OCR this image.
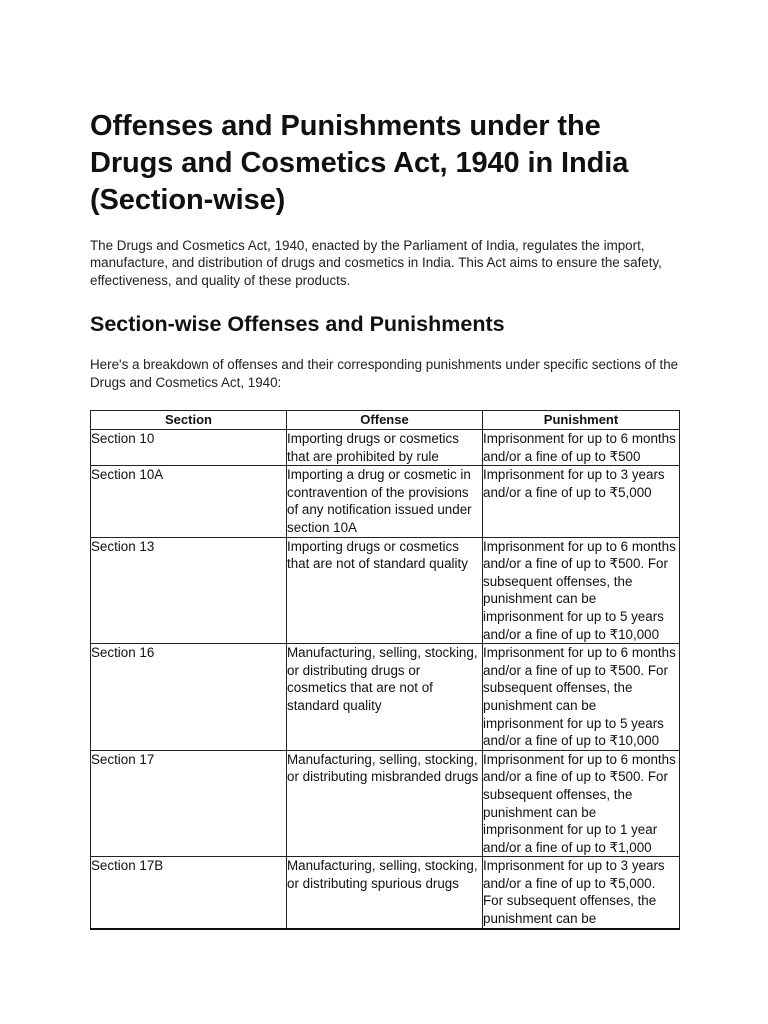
Offenses and Punishments under the Drugs and Cosmetics Act, 1940 in India (Section-wise)

The Drugs and Cosmetics Act, 1940, enacted by the Parliament of India, regulates the import, manufacture, and distribution of drugs and cosmetics in India. This Act aims to ensure the safety, effectiveness, and quality of these products.

Section-wise Offenses and Punishments

Here's a breakdown of offenses and their corresponding punishments under specific sections of the Drugs and Cosmetics Act, 1940:

Section	Offense	Punishment
Section 10	Importing drugs or cosmetics that are prohibited by rule	Imprisonment for up to 6 months and/or a fine of up to ₹500
Section 10A	Importing a drug or cosmetic in contravention of the provisions of any notification issued under section 10A	Imprisonment for up to 3 years and/or a fine of up to ₹5,000
Section 13	Importing drugs or cosmetics that are not of standard quality	Imprisonment for up to 6 months and/or a fine of up to ₹500. For subsequent offenses, the punishment can be imprisonment for up to 5 years and/or a fine of up to ₹10,000
Section 16	Manufacturing, selling, stocking, or distributing drugs or cosmetics that are not of standard quality	Imprisonment for up to 6 months and/or a fine of up to ₹500. For subsequent offenses, the punishment can be imprisonment for up to 5 years and/or a fine of up to ₹10,000
Section 17	Manufacturing, selling, stocking, or distributing misbranded drugs	Imprisonment for up to 6 months and/or a fine of up to ₹500. For subsequent offenses, the punishment can be imprisonment for up to 1 year and/or a fine of up to ₹1,000
Section 17B	Manufacturing, selling, stocking, or distributing spurious drugs	Imprisonment for up to 3 years and/or a fine of up to ₹5,000. For subsequent offenses, the punishment can be
